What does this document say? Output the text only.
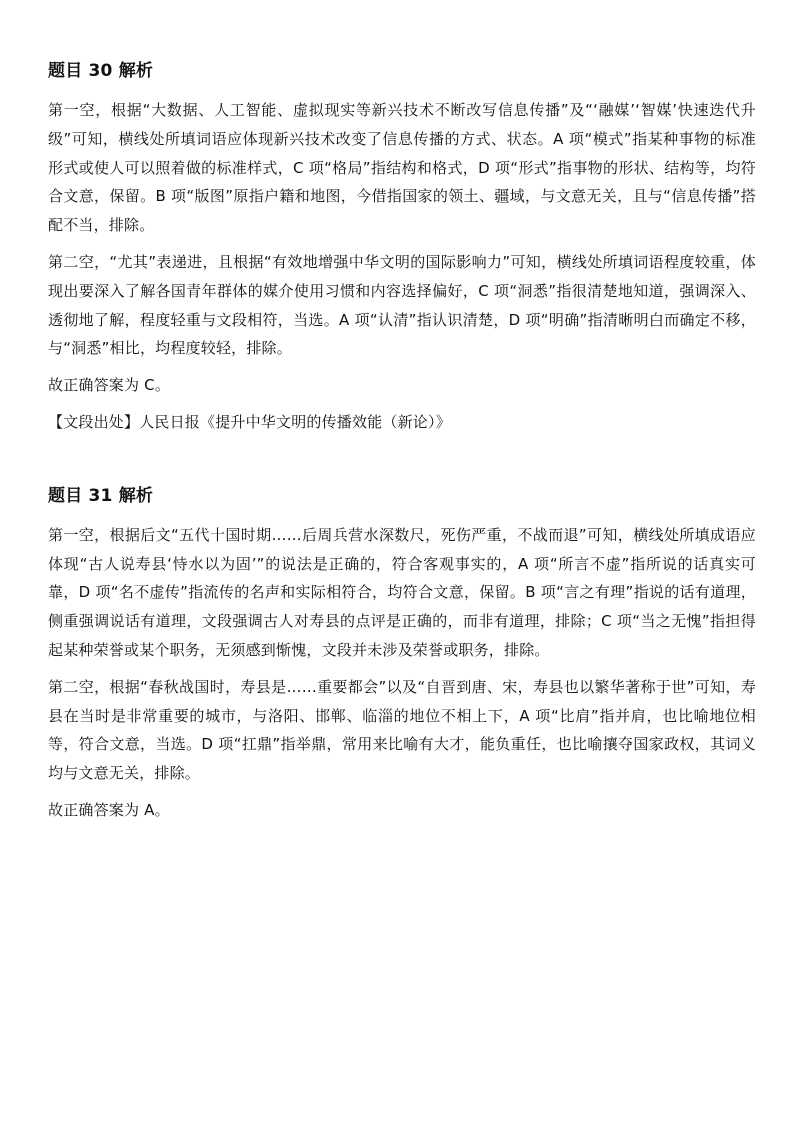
题目 30 解析

第一空，根据“大数据、人工智能、虚拟现实等新兴技术不断改写信息传播”及“‘融媒’‘智媒’快速迭代升级”可知，横线处所填词语应体现新兴技术改变了信息传播的方式、状态。A 项“模式”指某种事物的标准形式或使人可以照着做的标准样式，C 项“格局”指结构和格式，D 项“形式”指事物的形状、结构等，均符合文意，保留。B 项“版图”原指户籍和地图，今借指国家的领土、疆域，与文意无关，且与“信息传播”搭配不当，排除。

第二空，“尤其”表递进，且根据“有效地增强中华文明的国际影响力”可知，横线处所填词语程度较重，体现出要深入了解各国青年群体的媒介使用习惯和内容选择偏好，C 项“洞悉”指很清楚地知道，强调深入、透彻地了解，程度轻重与文段相符，当选。A 项“认清”指认识清楚，D 项“明确”指清晰明白而确定不移，与“洞悉”相比，均程度较轻，排除。

故正确答案为 C。

【文段出处】人民日报《提升中华文明的传播效能（新论）》

题目 31 解析

第一空，根据后文“五代十国时期……后周兵营水深数尺，死伤严重，不战而退”可知，横线处所填成语应体现“古人说寿县‘恃水以为固’”的说法是正确的，符合客观事实的，A 项“所言不虚”指所说的话真实可靠，D 项“名不虚传”指流传的名声和实际相符合，均符合文意，保留。B 项“言之有理”指说的话有道理，侧重强调说话有道理，文段强调古人对寿县的点评是正确的，而非有道理，排除；C 项“当之无愧”指担得起某种荣誉或某个职务，无须感到惭愧，文段并未涉及荣誉或职务，排除。

第二空，根据“春秋战国时，寿县是……重要都会”以及“自晋到唐、宋，寿县也以繁华著称于世”可知，寿县在当时是非常重要的城市，与洛阳、邯郸、临淄的地位不相上下，A 项“比肩”指并肩，也比喻地位相等，符合文意，当选。D 项“扛鼎”指举鼎，常用来比喻有大才，能负重任，也比喻攘夺国家政权，其词义均与文意无关，排除。

故正确答案为 A。
